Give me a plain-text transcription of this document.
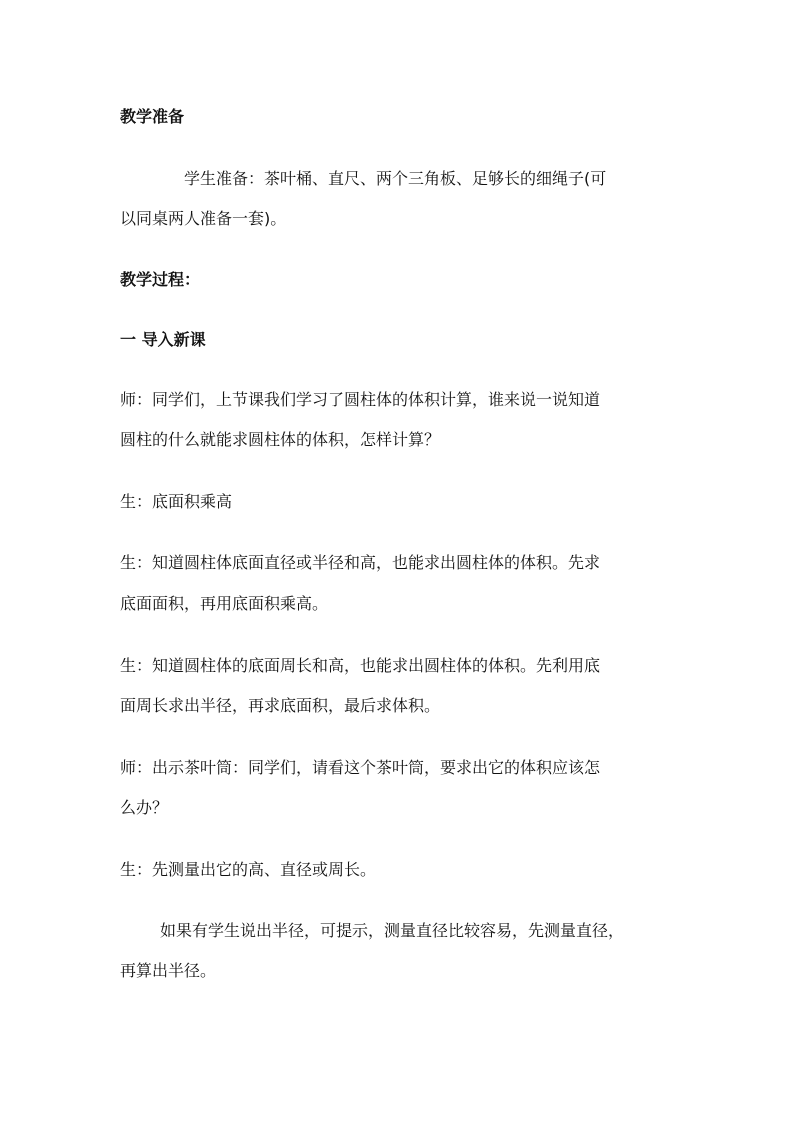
教学准备
学生准备：茶叶桶、直尺、两个三角板、足够长的细绳子(可
以同桌两人准备一套)。
教学过程：
一 导入新课
师：同学们，上节课我们学习了圆柱体的体积计算，谁来说一说知道
圆柱的什么就能求圆柱体的体积，怎样计算？
生：底面积乘高
生：知道圆柱体底面直径或半径和高，也能求出圆柱体的体积。先求
底面面积，再用底面积乘高。
生：知道圆柱体的底面周长和高，也能求出圆柱体的体积。先利用底
面周长求出半径，再求底面积，最后求体积。
师：出示茶叶筒：同学们，请看这个茶叶筒，要求出它的体积应该怎
么办？
生：先测量出它的高、直径或周长。
如果有学生说出半径，可提示，测量直径比较容易，先测量直径，
再算出半径。
